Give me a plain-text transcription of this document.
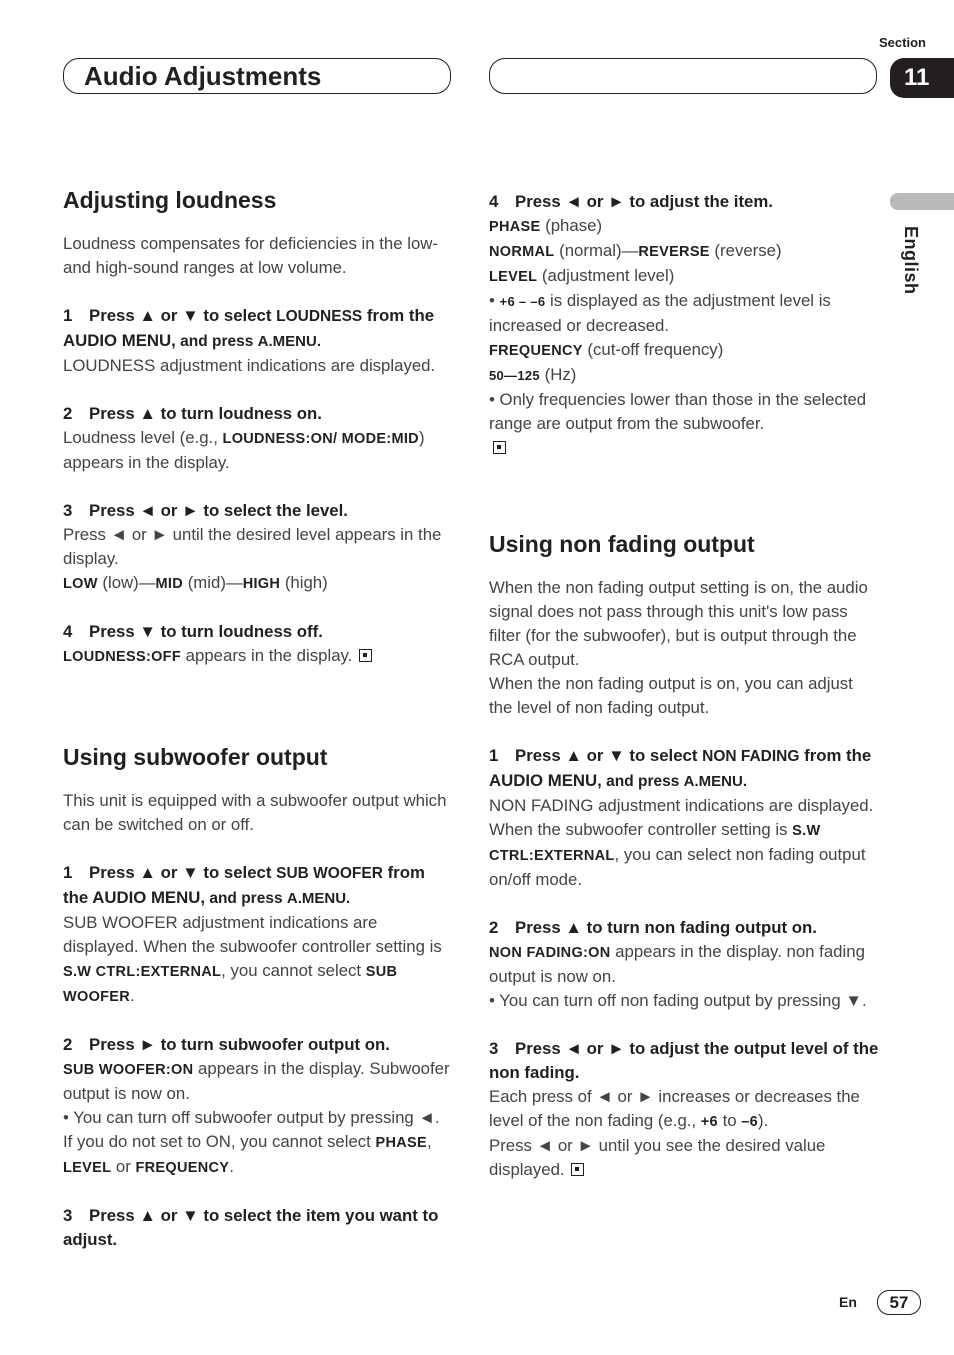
Audio Adjustments
Section
11
English
Adjusting loudness

Loudness compensates for deficiencies in the low- and high-sound ranges at low volume.

1 Press ▲ or ▼ to select LOUDNESS from the AUDIO MENU, and press A.MENU.

LOUDNESS adjustment indications are displayed.

2 Press ▲ to turn loudness on.

Loudness level (e.g., LOUDNESS:ON/ MODE:MID) appears in the display.

3 Press ◄ or ► to select the level.

Press ◄ or ► until the desired level appears in the display.

LOW (low)—MID (mid)—HIGH (high)

4 Press ▼ to turn loudness off.

LOUDNESS:OFF appears in the display.

Using subwoofer output

This unit is equipped with a subwoofer output which can be switched on or off.

1 Press ▲ or ▼ to select SUB WOOFER from the AUDIO MENU, and press A.MENU.

SUB WOOFER adjustment indications are displayed. When the subwoofer controller setting is S.W CTRL:EXTERNAL, you cannot select SUB WOOFER.

2 Press ► to turn subwoofer output on.

SUB WOOFER:ON appears in the display. Subwoofer output is now on.

• You can turn off subwoofer output by pressing ◄. If you do not set to ON, you cannot select PHASE, LEVEL or FREQUENCY.

3 Press ▲ or ▼ to select the item you want to adjust.

4 Press ◄ or ► to adjust the item.

PHASE (phase)

NORMAL (normal)—REVERSE (reverse)

LEVEL (adjustment level)

• +6 – –6 is displayed as the adjustment level is increased or decreased.

FREQUENCY (cut-off frequency)

50—125 (Hz)

• Only frequencies lower than those in the selected range are output from the subwoofer.

Using non fading output

When the non fading output setting is on, the audio signal does not pass through this unit's low pass filter (for the subwoofer), but is output through the RCA output.

When the non fading output is on, you can adjust the level of non fading output.

1 Press ▲ or ▼ to select NON FADING from the AUDIO MENU, and press A.MENU.

NON FADING adjustment indications are displayed. When the subwoofer controller setting is S.W CTRL:EXTERNAL, you can select non fading output on/off mode.

2 Press ▲ to turn non fading output on.

NON FADING:ON appears in the display. non fading output is now on.

• You can turn off non fading output by pressing ▼.

3 Press ◄ or ► to adjust the output level of the non fading.

Each press of ◄ or ► increases or decreases the level of the non fading (e.g., +6 to –6).

Press ◄ or ► until you see the desired value displayed.

En	57
